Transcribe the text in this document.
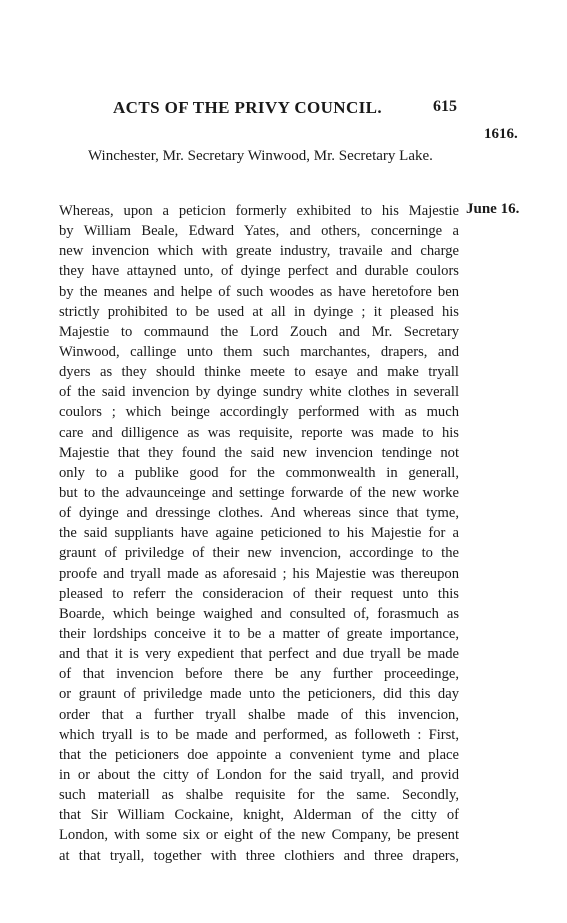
ACTS OF THE PRIVY COUNCIL.	615
1616.
Winchester, Mr. Secretary Winwood, Mr. Secretary Lake.
June 16.
Whereas, upon a peticion formerly exhibited to his Majestie
by William Beale, Edward Yates, and others, concerninge a
new invencion which with greate industry, travaile and charge
they have attayned unto, of dyinge perfect and durable coulors
by the meanes and helpe of such woodes as have heretofore ben
strictly prohibited to be used at all in dyinge ; it pleased his
Majestie to commaund the Lord Zouch and Mr. Secretary
Winwood, callinge unto them such marchantes, drapers, and
dyers as they should thinke meete to esaye and make tryall
of the said invencion by dyinge sundry white clothes in severall
coulors ; which beinge accordingly performed with as much
care and dilligence as was requisite, reporte was made to his
Majestie that they found the said new invencion tendinge not
only to a publike good for the commonwealth in generall,
but to the advaunceinge and settinge forwarde of the new worke
of dyinge and dressinge clothes. And whereas since that tyme,
the said suppliants have againe peticioned to his Majestie for a
graunt of priviledge of their new invencion, accordinge to the
proofe and tryall made as aforesaid ; his Majestie was thereupon
pleased to referr the consideracion of their request unto this
Boarde, which beinge waighed and consulted of, forasmuch as
their lordships conceive it to be a matter of greate importance,
and that it is very expedient that perfect and due tryall be made
of that invencion before there be any further proceedinge,
or graunt of priviledge made unto the peticioners, did this day
order that a further tryall shalbe made of this invencion,
which tryall is to be made and performed, as followeth : First,
that the peticioners doe appointe a convenient tyme and place
in or about the citty of London for the said tryall, and provid
such materiall as shalbe requisite for the same. Secondly,
that Sir William Cockaine, knight, Alderman of the citty of
London, with some six or eight of the new Company, be present
at that tryall, together with three clothiers and three drapers,
